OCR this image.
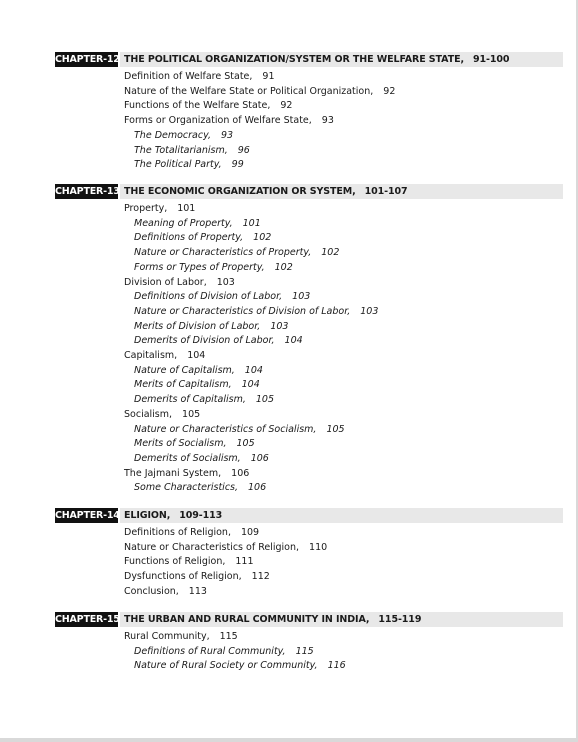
CHAPTER-12 THE POLITICAL ORGANIZATION/SYSTEM OR THE WELFARE STATE, 91-100
Definition of Welfare State, 91
Nature of the Welfare State or Political Organization, 92
Functions of the Welfare State, 92
Forms or Organization of Welfare State, 93
The Democracy, 93
The Totalitarianism, 96
The Political Party, 99
CHAPTER-13 THE ECONOMIC ORGANIZATION OR SYSTEM, 101-107
Property, 101
Meaning of Property, 101
Definitions of Property, 102
Nature or Characteristics of Property, 102
Forms or Types of Property, 102
Division of Labor, 103
Definitions of Division of Labor, 103
Nature or Characteristics of Division of Labor, 103
Merits of Division of Labor, 103
Demerits of Division of Labor, 104
Capitalism, 104
Nature of Capitalism, 104
Merits of Capitalism, 104
Demerits of Capitalism, 105
Socialism, 105
Nature or Characteristics of Socialism, 105
Merits of Socialism, 105
Demerits of Socialism, 106
The Jajmani System, 106
Some Characteristics, 106
CHAPTER-14 ELIGION, 109-113
Definitions of Religion, 109
Nature or Characteristics of Religion, 110
Functions of Religion, 111
Dysfunctions of Religion, 112
Conclusion, 113
CHAPTER-15 THE URBAN AND RURAL COMMUNITY IN INDIA, 115-119
Rural Community, 115
Definitions of Rural Community, 115
Nature of Rural Society or Community, 116
